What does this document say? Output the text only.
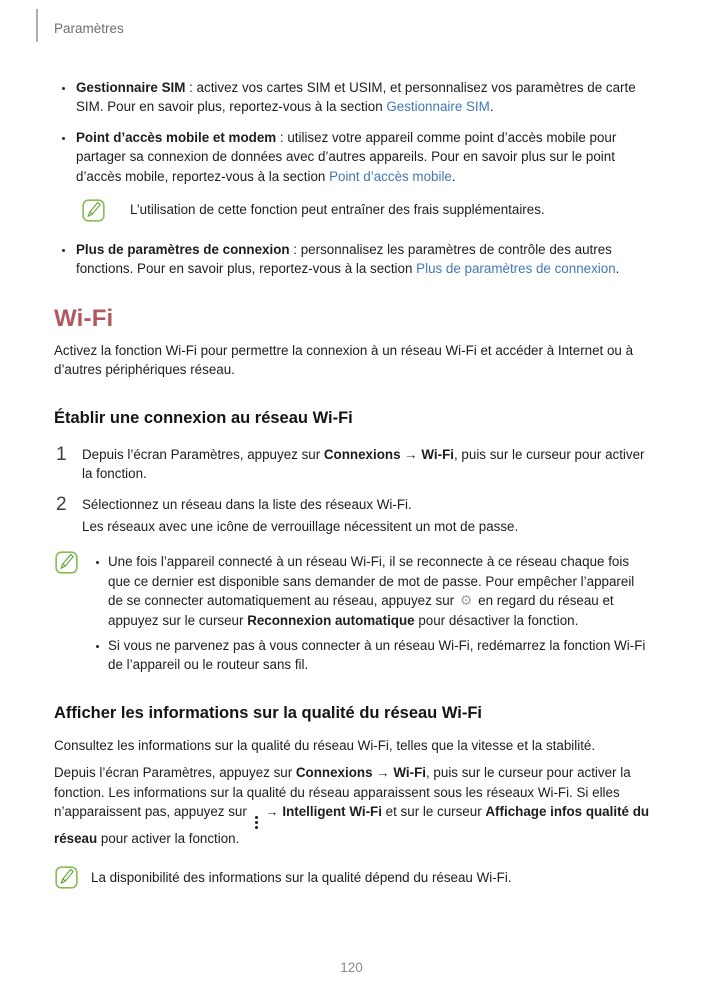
Paramètres

Gestionnaire SIM : activez vos cartes SIM et USIM, et personnalisez vos paramètres de carte SIM. Pour en savoir plus, reportez-vous à la section Gestionnaire SIM.

Point d’accès mobile et modem : utilisez votre appareil comme point d’accès mobile pour partager sa connexion de données avec d’autres appareils. Pour en savoir plus sur le point d’accès mobile, reportez-vous à la section Point d’accès mobile.

L’utilisation de cette fonction peut entraîner des frais supplémentaires.

Plus de paramètres de connexion : personnalisez les paramètres de contrôle des autres fonctions. Pour en savoir plus, reportez-vous à la section Plus de paramètres de connexion.

Wi-Fi

Activez la fonction Wi-Fi pour permettre la connexion à un réseau Wi-Fi et accéder à Internet ou à d’autres périphériques réseau.

Établir une connexion au réseau Wi-Fi
1	Depuis l’écran Paramètres, appuyez sur Connexions → Wi-Fi, puis sur le curseur pour activer la fonction.

2	Sélectionnez un réseau dans la liste des réseaux Wi-Fi.

Les réseaux avec une icône de verrouillage nécessitent un mot de passe.

Une fois l’appareil connecté à un réseau Wi-Fi, il se reconnecte à ce réseau chaque fois que ce dernier est disponible sans demander de mot de passe. Pour empêcher l’appareil de se connecter automatiquement au réseau, appuyez sur ⚙ en regard du réseau et appuyez sur le curseur Reconnexion automatique pour désactiver la fonction.

Si vous ne parvenez pas à vous connecter à un réseau Wi-Fi, redémarrez la fonction Wi-Fi de l’appareil ou le routeur sans fil.

Afficher les informations sur la qualité du réseau Wi-Fi

Consultez les informations sur la qualité du réseau Wi-Fi, telles que la vitesse et la stabilité.

Depuis l’écran Paramètres, appuyez sur Connexions → Wi-Fi, puis sur le curseur pour activer la fonction. Les informations sur la qualité du réseau apparaissent sous les réseaux Wi-Fi. Si elles n’apparaissent pas, appuyez sur
→ Intelligent Wi-Fi et sur le curseur Affichage infos qualité du réseau pour activer la fonction.

La disponibilité des informations sur la qualité dépend du réseau Wi-Fi.

120
